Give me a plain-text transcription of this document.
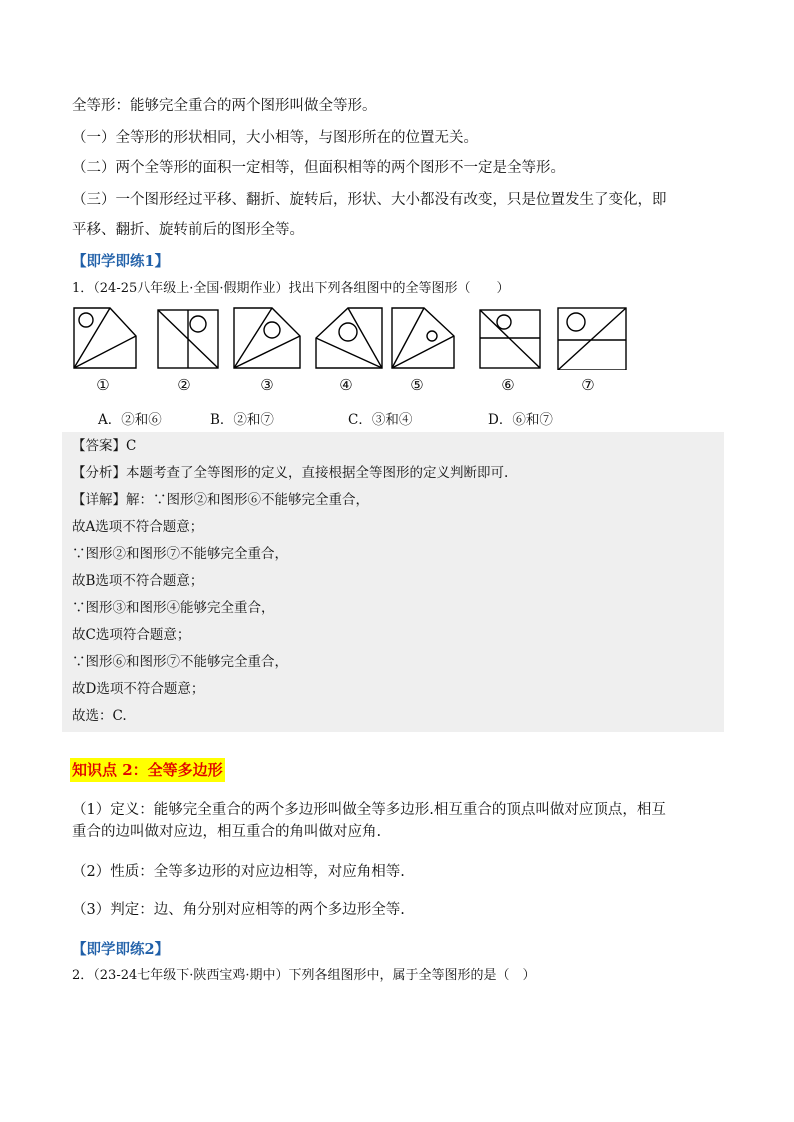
全等形：能够完全重合的两个图形叫做全等形。
（一）全等形的形状相同，大小相等，与图形所在的位置无关。
（二）两个全等形的面积一定相等，但面积相等的两个图形不一定是全等形。
（三）一个图形经过平移、翻折、旋转后，形状、大小都没有改变，只是位置发生了变化，即
平移、翻折、旋转前后的图形全等。
【即学即练1】
1．（24-25八年级上·全国·假期作业）找出下列各组图中的全等图形（　　）
①	②	③	④	⑤	⑥	⑦
A．②和⑥	B．②和⑦	C．③和④	D．⑥和⑦
【答案】C
【分析】本题考查了全等图形的定义，直接根据全等图形的定义判断即可.
【详解】解：∵图形②和图形⑥不能够完全重合，
故A选项不符合题意；
∵图形②和图形⑦不能够完全重合，
故B选项不符合题意；
∵图形③和图形④能够完全重合，
故C选项符合题意；
∵图形⑥和图形⑦不能够完全重合，
故D选项不符合题意；
故选：C.
知识点 2：全等多边形
（1）定义：能够完全重合的两个多边形叫做全等多边形.相互重合的顶点叫做对应顶点，相互
重合的边叫做对应边，相互重合的角叫做对应角.
（2）性质：全等多边形的对应边相等，对应角相等.
（3）判定：边、角分别对应相等的两个多边形全等.
【即学即练2】
2．（23-24七年级下·陕西宝鸡·期中）下列各组图形中，属于全等图形的是（　）
